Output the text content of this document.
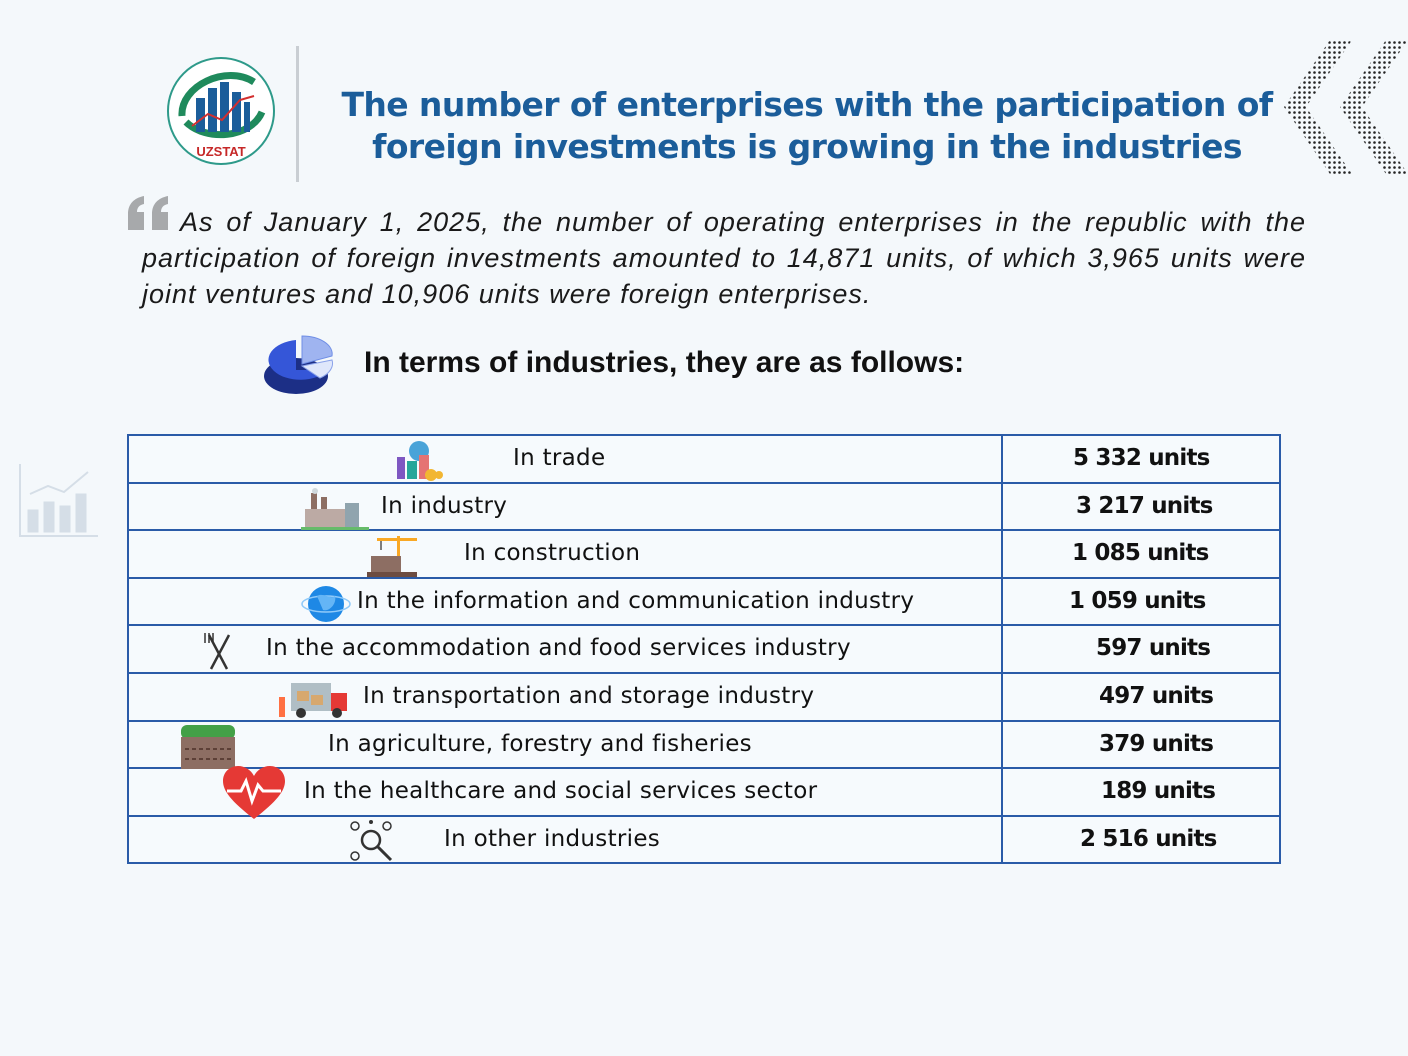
UZSTAT
The number of enterprises with the participation of foreign investments is growing in the industries

As of January 1, 2025, the number of operating enterprises in the republic with the participation of foreign investments amounted to 14,871 units, of which 3,965 units were joint ventures and 10,906 units were foreign enterprises.

In terms of industries, they are as follows:
In trade	5 332 units

In industry	3 217 units

In construction	1 085 units

In the information and communication industry	1 059 units

In the accommodation and food services industry	597 units

In transportation and storage industry	497 units

In agriculture, forestry and fisheries	379 units

In the healthcare and social services sector	189 units

In other industries	2 516 units
